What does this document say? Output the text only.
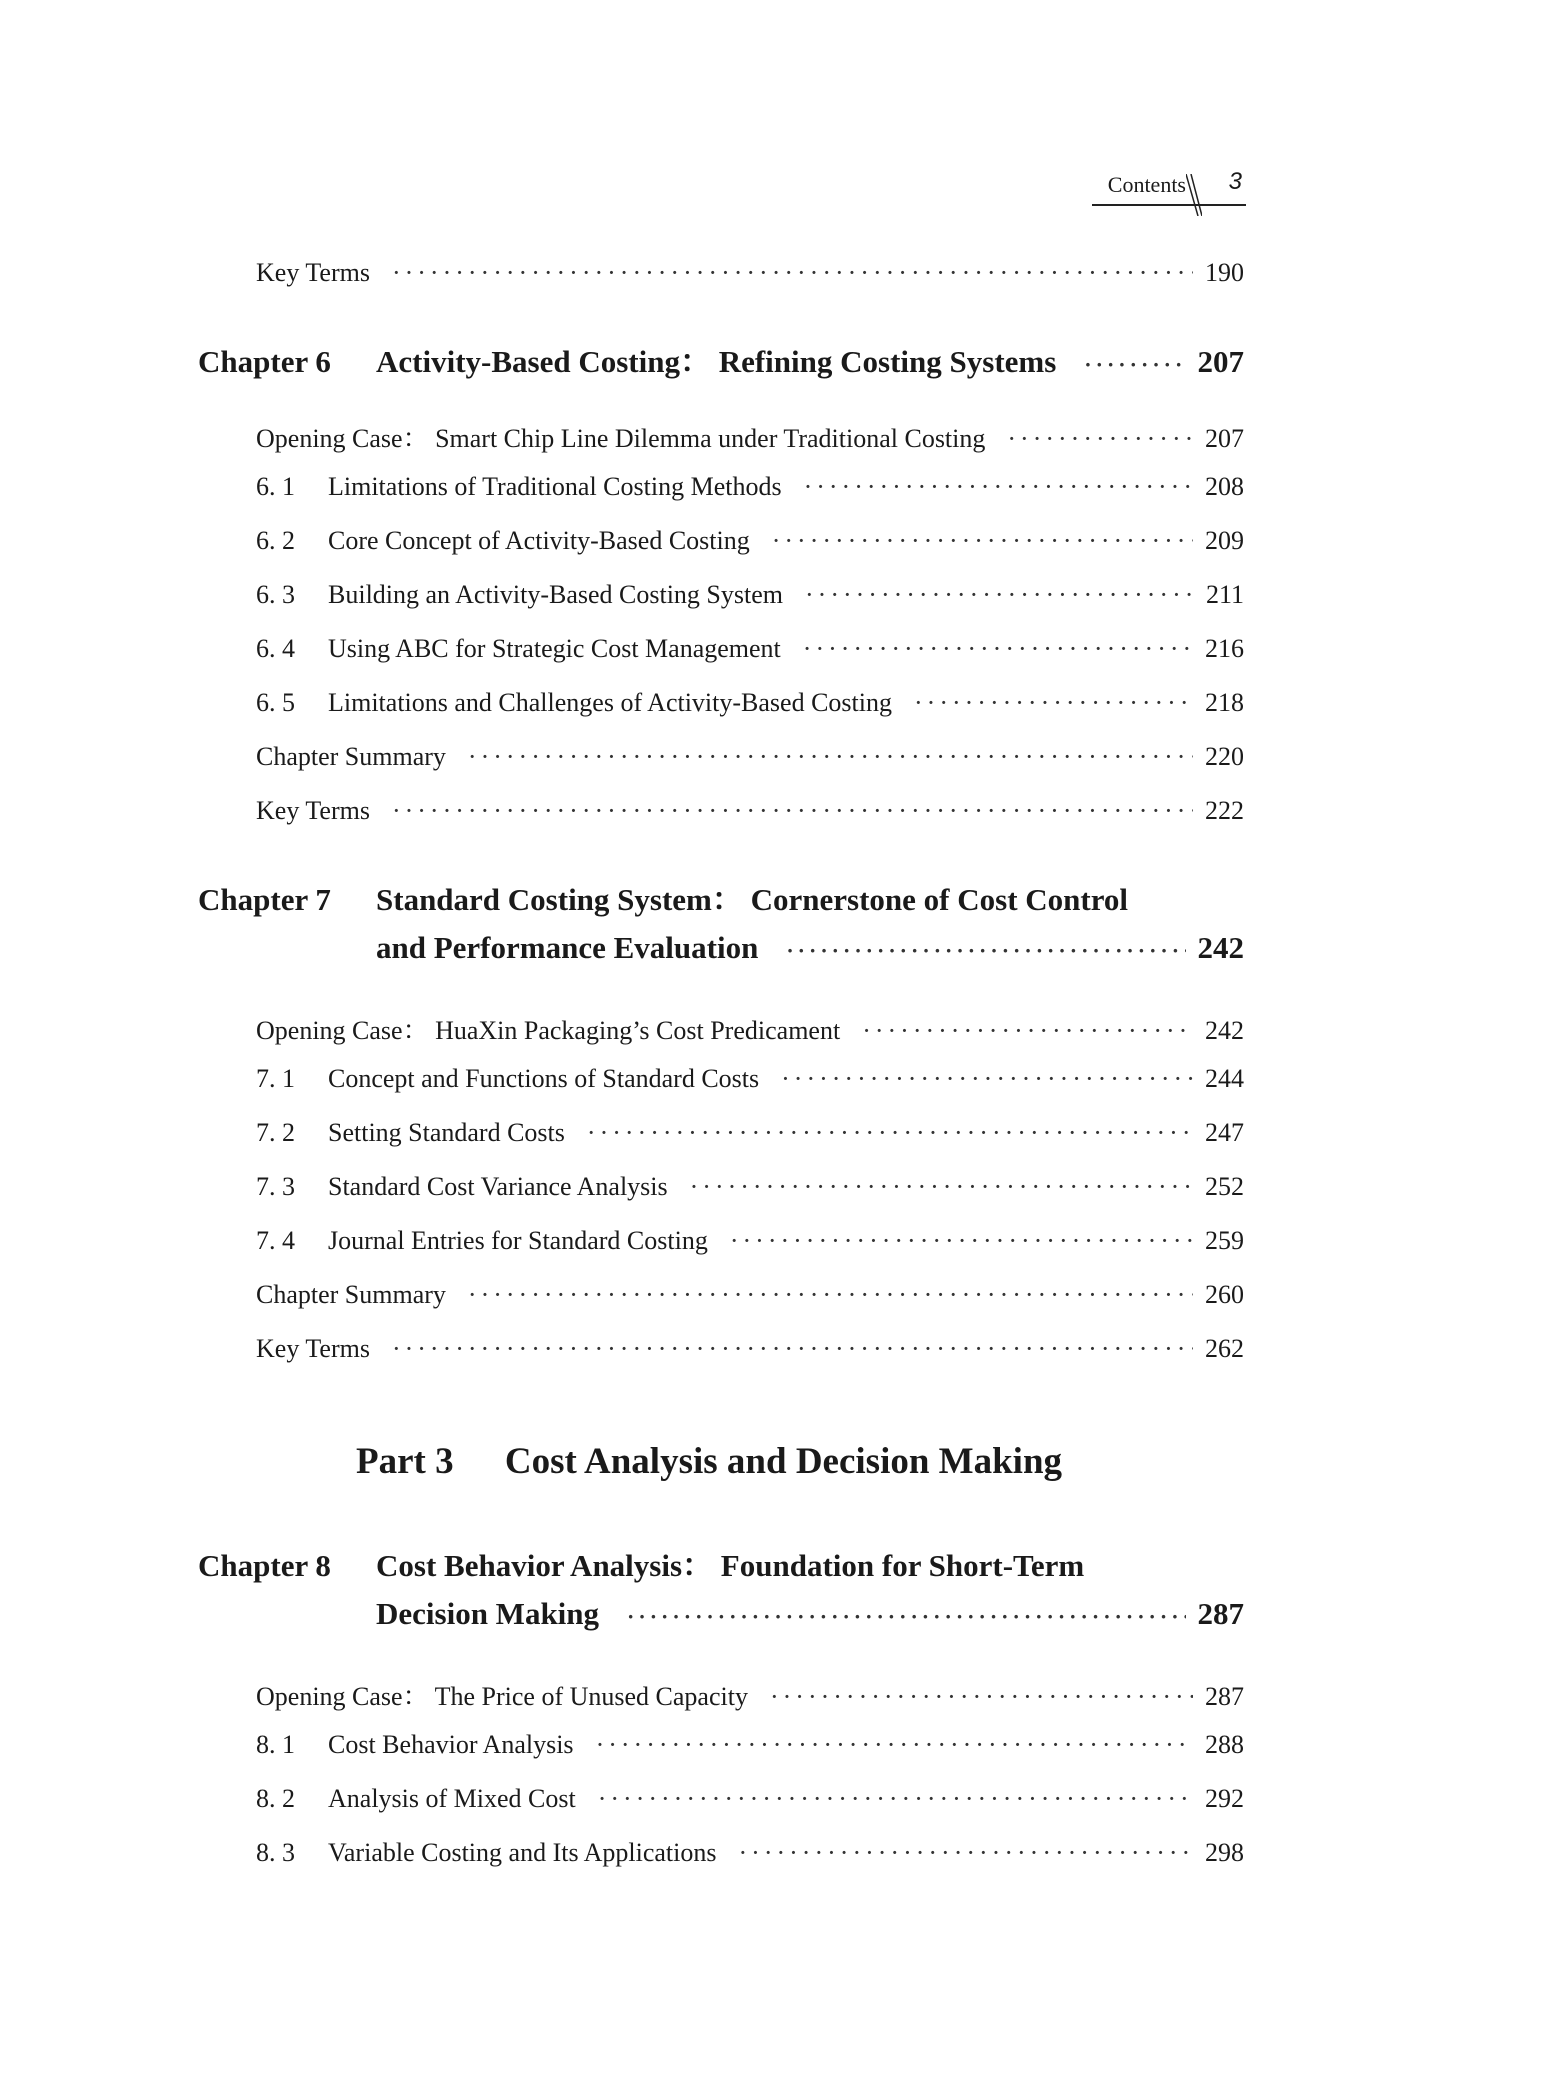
Contents 3
Key Terms ·····	190
Chapter 6	Activity-Based Costing： Refining Costing Systems ·····	207
Opening Case： Smart Chip Line Dilemma under Traditional Costing ·····	207
6. 1	Limitations of Traditional Costing Methods ·····	208
6. 2	Core Concept of Activity-Based Costing ·····	209
6. 3	Building an Activity-Based Costing System ·····	211
6. 4	Using ABC for Strategic Cost Management ·····	216
6. 5	Limitations and Challenges of Activity-Based Costing ·····	218
Chapter Summary ·····	220
Key Terms ·····	222
Chapter 7	Standard Costing System： Cornerstone of Cost Control
and Performance Evaluation ·····	242
Opening Case： HuaXin Packaging’s Cost Predicament ·····	242
7. 1	Concept and Functions of Standard Costs ·····	244
7. 2	Setting Standard Costs ·····	247
7. 3	Standard Cost Variance Analysis ·····	252
7. 4	Journal Entries for Standard Costing ·····	259
Chapter Summary ·····	260
Key Terms ·····	262
Part 3 Cost Analysis and Decision Making
Chapter 8	Cost Behavior Analysis： Foundation for Short-Term
Decision Making ·····	287
Opening Case： The Price of Unused Capacity ·····	287
8. 1	Cost Behavior Analysis ·····	288
8. 2	Analysis of Mixed Cost ·····	292
8. 3	Variable Costing and Its Applications ·····	298
